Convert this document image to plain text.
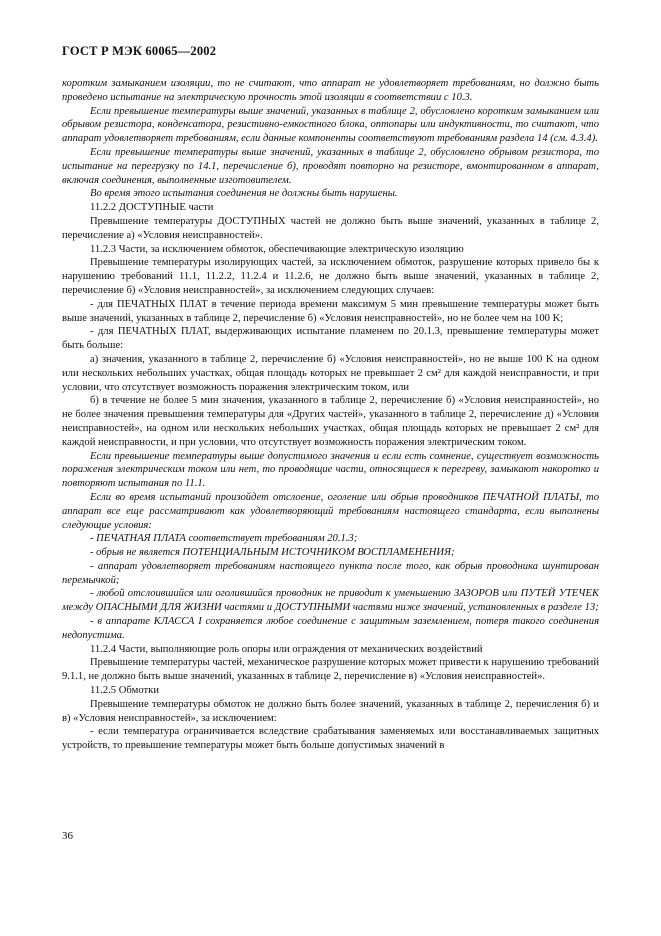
ГОСТ Р МЭК 60065—2002

коротким замыканием изоляции, то не считают, что аппарат не удовлетворяет требованиям, но должно быть проведено испытание на электрическую прочность этой изоляции в соответствии с 10.3.

Если превышение температуры выше значений, указанных в таблице 2, обусловлено коротким замыканием или обрывом резистора, конденсатора, резистивно-емкостного блока, оптопары или индуктивности, то считают, что аппарат удовлетворяет требованиям, если данные компоненты соответствуют требованиям раздела 14 (см. 4.3.4).

Если превышение температуры выше значений, указанных в таблице 2, обусловлено обрывом резистора, то испытание на перегрузку по 14.1, перечисление б), проводят повторно на резисторе, вмонтированном в аппарат, включая соединения, выполненные изготовителем.

Во время этого испытания соединения не должны быть нарушены.

11.2.2 ДОСТУПНЫЕ части

Превышение температуры ДОСТУПНЫХ частей не должно быть выше значений, указанных в таблице 2, перечисление а) «Условия неисправностей».

11.2.3 Части, за исключением обмоток, обеспечивающие электрическую изоляцию

Превышение температуры изолирующих частей, за исключением обмоток, разрушение которых привело бы к нарушению требований 11.1, 11.2.2, 11.2.4 и 11.2.6, не должно быть выше значений, указанных в таблице 2, перечисление б) «Условия неисправностей», за исключением следующих случаев:

- для ПЕЧАТНЫХ ПЛАТ в течение периода времени максимум 5 мин превышение температуры может быть выше значений, указанных в таблице 2, перечисление б) «Условия неисправностей», но не более чем на 100 K;

- для ПЕЧАТНЫХ ПЛАТ, выдерживающих испытание пламенем по 20.1.3, превышение температуры может быть больше:

а) значения, указанного в таблице 2, перечисление б) «Условия неисправностей», но не выше 100 K на одном или нескольких небольших участках, общая площадь которых не превышает 2 см² для каждой неисправности, и при условии, что отсутствует возможность поражения электрическим током, или

б) в течение не более 5 мин значения, указанного в таблице 2, перечисление б) «Условия неисправностей», но не более значения превышения температуры для «Других частей», указанного в таблице 2, перечисление д) «Условия неисправностей», на одном или нескольких небольших участках, общая площадь которых не превышает 2 см² для каждой неисправности, и при условии, что отсутствует возможность поражения электрическим током.

Если превышение температуры выше допустимого значения и если есть сомнение, существует возможность поражения электрическим током или нет, то проводящие части, относящиеся к перегреву, замыкают накоротко и повторяют испытания по 11.1.

Если во время испытаний произойдет отслоение, оголение или обрыв проводников ПЕЧАТНОЙ ПЛАТЫ, то аппарат все еще рассматривают как удовлетворяющий требованиям настоящего стандарта, если выполнены следующие условия:

- ПЕЧАТНАЯ ПЛАТА соответствует требованиям 20.1.3;

- обрыв не является ПОТЕНЦИАЛЬНЫМ ИСТОЧНИКОМ ВОСПЛАМЕНЕНИЯ;

- аппарат удовлетворяет требованиям настоящего пункта после того, как обрыв проводника шунтирован перемычкой;

- любой отслоившийся или оголившийся проводник не приводит к уменьшению ЗАЗОРОВ или ПУТЕЙ УТЕЧЕК между ОПАСНЫМИ ДЛЯ ЖИЗНИ частями и ДОСТУПНЫМИ частями ниже значений, установленных в разделе 13;

- в аппарате КЛАССА I сохраняется любое соединение с защитным заземлением, потеря такого соединения недопустима.

11.2.4 Части, выполняющие роль опоры или ограждения от механических воздействий

Превышение температуры частей, механическое разрушение которых может привести к нарушению требований 9.1.1, не должно быть выше значений, указанных в таблице 2, перечисление в) «Условия неисправностей».

11.2.5 Обмотки

Превышение температуры обмоток не должно быть более значений, указанных в таблице 2, перечисления б) и в) «Условия неисправностей», за исключением:

- если температура ограничивается вследствие срабатывания заменяемых или восстанавливаемых защитных устройств, то превышение температуры может быть больше допустимых значений в

36
